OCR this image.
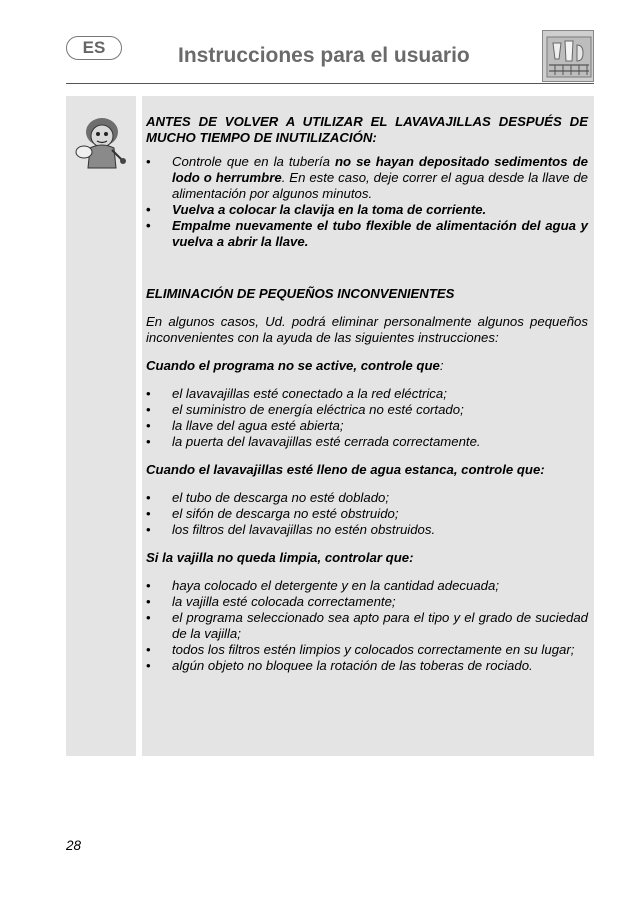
ES	Instrucciones para el usuario

ANTES DE VOLVER A UTILIZAR EL LAVAVAJILLAS DESPUÉS DE MUCHO TIEMPO DE INUTILIZACIÓN:

• Controle que en la tubería no se hayan depositado sedimentos de lodo o herrumbre. En este caso, deje correr el agua desde la llave de alimentación por algunos minutos.
• Vuelva a colocar la clavija en la toma de corriente.
• Empalme nuevamente el tubo flexible de alimentación del agua y vuelva a abrir la llave.

ELIMINACIÓN DE PEQUEÑOS INCONVENIENTES

En algunos casos, Ud. podrá eliminar personalmente algunos pequeños inconvenientes con la ayuda de las siguientes instrucciones:

Cuando el programa no se active, controle que:

• el lavavajillas esté conectado a la red eléctrica;
• el suministro de energía eléctrica no esté cortado;
• la llave del agua esté abierta;
• la puerta del lavavajillas esté cerrada correctamente.

Cuando el lavavajillas esté lleno de agua estanca, controle que:

• el tubo de descarga no esté doblado;
• el sifón de descarga no esté obstruido;
• los filtros del lavavajillas no estén obstruidos.

Si la vajilla no queda limpia, controlar que:

• haya colocado el detergente y en la cantidad adecuada;
• la vajilla esté colocada correctamente;
• el programa seleccionado sea apto para el tipo y el grado de suciedad de la vajilla;
• todos los filtros estén limpios y colocados correctamente en su lugar;
• algún objeto no bloquee la rotación de las toberas de rociado.
28
